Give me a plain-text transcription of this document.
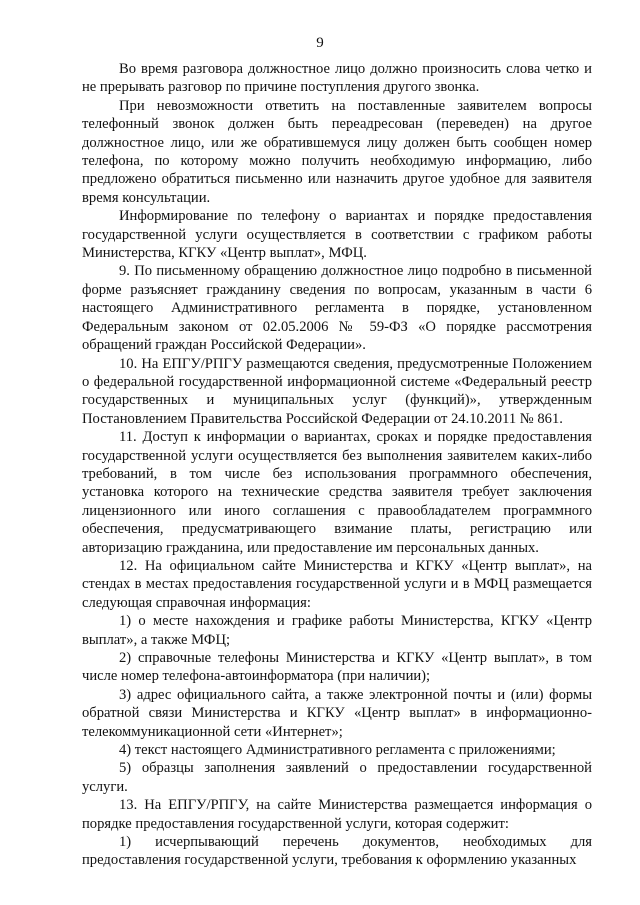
9

Во время разговора должностное лицо должно произносить слова четко и не прерывать разговор по причине поступления другого звонка.

При невозможности ответить на поставленные заявителем вопросы телефонный звонок должен быть переадресован (переведен) на другое должностное лицо, или же обратившемуся лицу должен быть сообщен номер телефона, по которому можно получить необходимую информацию, либо предложено обратиться письменно или назначить другое удобное для заявителя время консультации.

Информирование по телефону о вариантах и порядке предоставления государственной услуги осуществляется в соответствии с графиком работы Министерства, КГКУ «Центр выплат», МФЦ.

9. По письменному обращению должностное лицо подробно в письменной форме разъясняет гражданину сведения по вопросам, указанным в части 6 настоящего Административного регламента в порядке, установленном Федеральным законом от 02.05.2006 № 59-ФЗ «О порядке рассмотрения обращений граждан Российской Федерации».

10. На ЕПГУ/РПГУ размещаются сведения, предусмотренные Положением о федеральной государственной информационной системе «Федеральный реестр государственных и муниципальных услуг (функций)», утвержденным Постановлением Правительства Российской Федерации от 24.10.2011 № 861.

11. Доступ к информации о вариантах, сроках и порядке предоставления государственной услуги осуществляется без выполнения заявителем каких-либо требований, в том числе без использования программного обеспечения, установка которого на технические средства заявителя требует заключения лицензионного или иного соглашения с правообладателем программного обеспечения, предусматривающего взимание платы, регистрацию или авторизацию гражданина, или предоставление им персональных данных.

12. На официальном сайте Министерства и КГКУ «Центр выплат», на стендах в местах предоставления государственной услуги и в МФЦ размещается следующая справочная информация:

1) о месте нахождения и графике работы Министерства, КГКУ «Центр выплат», а также МФЦ;

2) справочные телефоны Министерства и КГКУ «Центр выплат», в том числе номер телефона-автоинформатора (при наличии);

3) адрес официального сайта, а также электронной почты и (или) формы обратной связи Министерства и КГКУ «Центр выплат» в информационно-телекоммуникационной сети «Интернет»;

4) текст настоящего Административного регламента с приложениями;

5) образцы заполнения заявлений о предоставлении государственной услуги.

13. На ЕПГУ/РПГУ, на сайте Министерства размещается информация о порядке предоставления государственной услуги, которая содержит:

1) исчерпывающий перечень документов, необходимых для предоставления государственной услуги, требования к оформлению указанных
